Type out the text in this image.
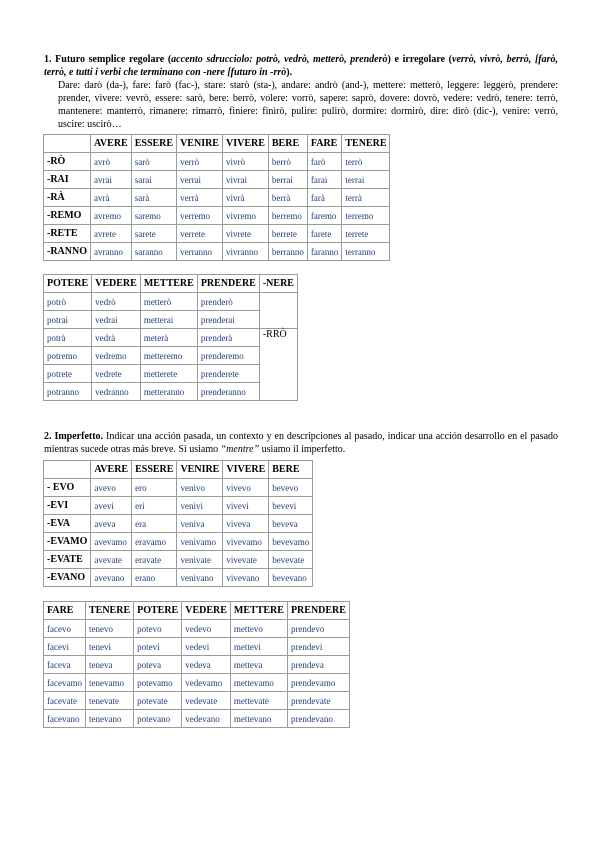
1. Futuro semplice regolare (accento sdrucciolo: potrò, vedrò, metterò, prenderò) e irregolare (verrò, vivrò, berrò, [farò, terrò, e tutti i verbi che terminano con -nere [futuro in -rrò).
Dare: darò (da-), fare: farò (fac-), stare: starò (sta-), andare: andrò (and-), mettere: metterò, leggere: leggerò, prendere: prender, vivere: vevrò, essere: sarò, bere: berrò, volere: vorrò, sapere: saprò, dovere: dovrò, vedere: vedrò, tenere: terrò, mantenere: manterrò, rimanere: rimarrò, finiere: finirò, pulire: pulirò, dormire: dormirò, dire: dirò (dic-), venire: verrò, uscire: uscirò…
	AVERE	ESSERE	VENIRE	VIVERE	BERE	FARE	TENERE
-RÒ	avrò	sarò	verrò	vivrò	berrò	farò	terrò
-RAI	avrai	sarai	verrai	vivrai	berrai	farai	terrai
-RÀ	avrà	sarà	verrà	vivrà	berrà	farà	terrà
-REMO	avremo	saremo	verremo	vivremo	berremo	faremo	terremo
-RETE	avrete	sarete	verrete	vivrete	berrete	farete	terrete
-RANNO	avranno	saranno	verranno	vivranno	berranno	faranno	terranno
POTERE	VEDERE	METTERE	PRENDERE	-NERE
potrò	vedrò	metterò	prenderò	
potrai	vedrai	metterai	prenderai	
potrà	vedrà	meterà	prenderà	-RRÒ
potremo	vedremo	metteremo	prenderemo	
potrete	vedrete	metterete	prenderete	
potranno	vedranno	metteranno	prenderanno	
2. Imperfetto. Indicar una acción pasada, un contexto y en descripciones al pasado, indicar una acción desarrollo en el pasado mientras sucede otras más breve. Si usiamo “mentre” usiamo il imperfetto.
	AVERE	ESSERE	VENIRE	VIVERE	BERE
- EVO	avevo	ero	venivo	vivevo	bevevo
-EVI	avevi	eri	venivi	vivevi	bevevi
-EVA	aveva	era	veniva	viveva	beveva
-EVAMO	avevamo	eravamo	venivamo	vivevamo	bevevamo
-EVATE	avevate	eravate	venivate	vivevate	bevevate
-EVANO	avevano	erano	venivano	vivevano	bevevano
FARE	TENERE	POTERE	VEDERE	METTERE	PRENDERE
facevo	tenevo	potevo	vedevo	mettevo	prendevo
facevi	tenevi	potevi	vedevi	mettevi	prendevi
faceva	teneva	poteva	vedeva	metteva	prendeva
facevamo	tenevamo	potevamo	vedevamo	mettevamo	prendevamo
facevate	tenevate	potevate	vedevate	mettevate	prendevate
facevano	tenevano	potevano	vedevano	mettevano	prendevano
